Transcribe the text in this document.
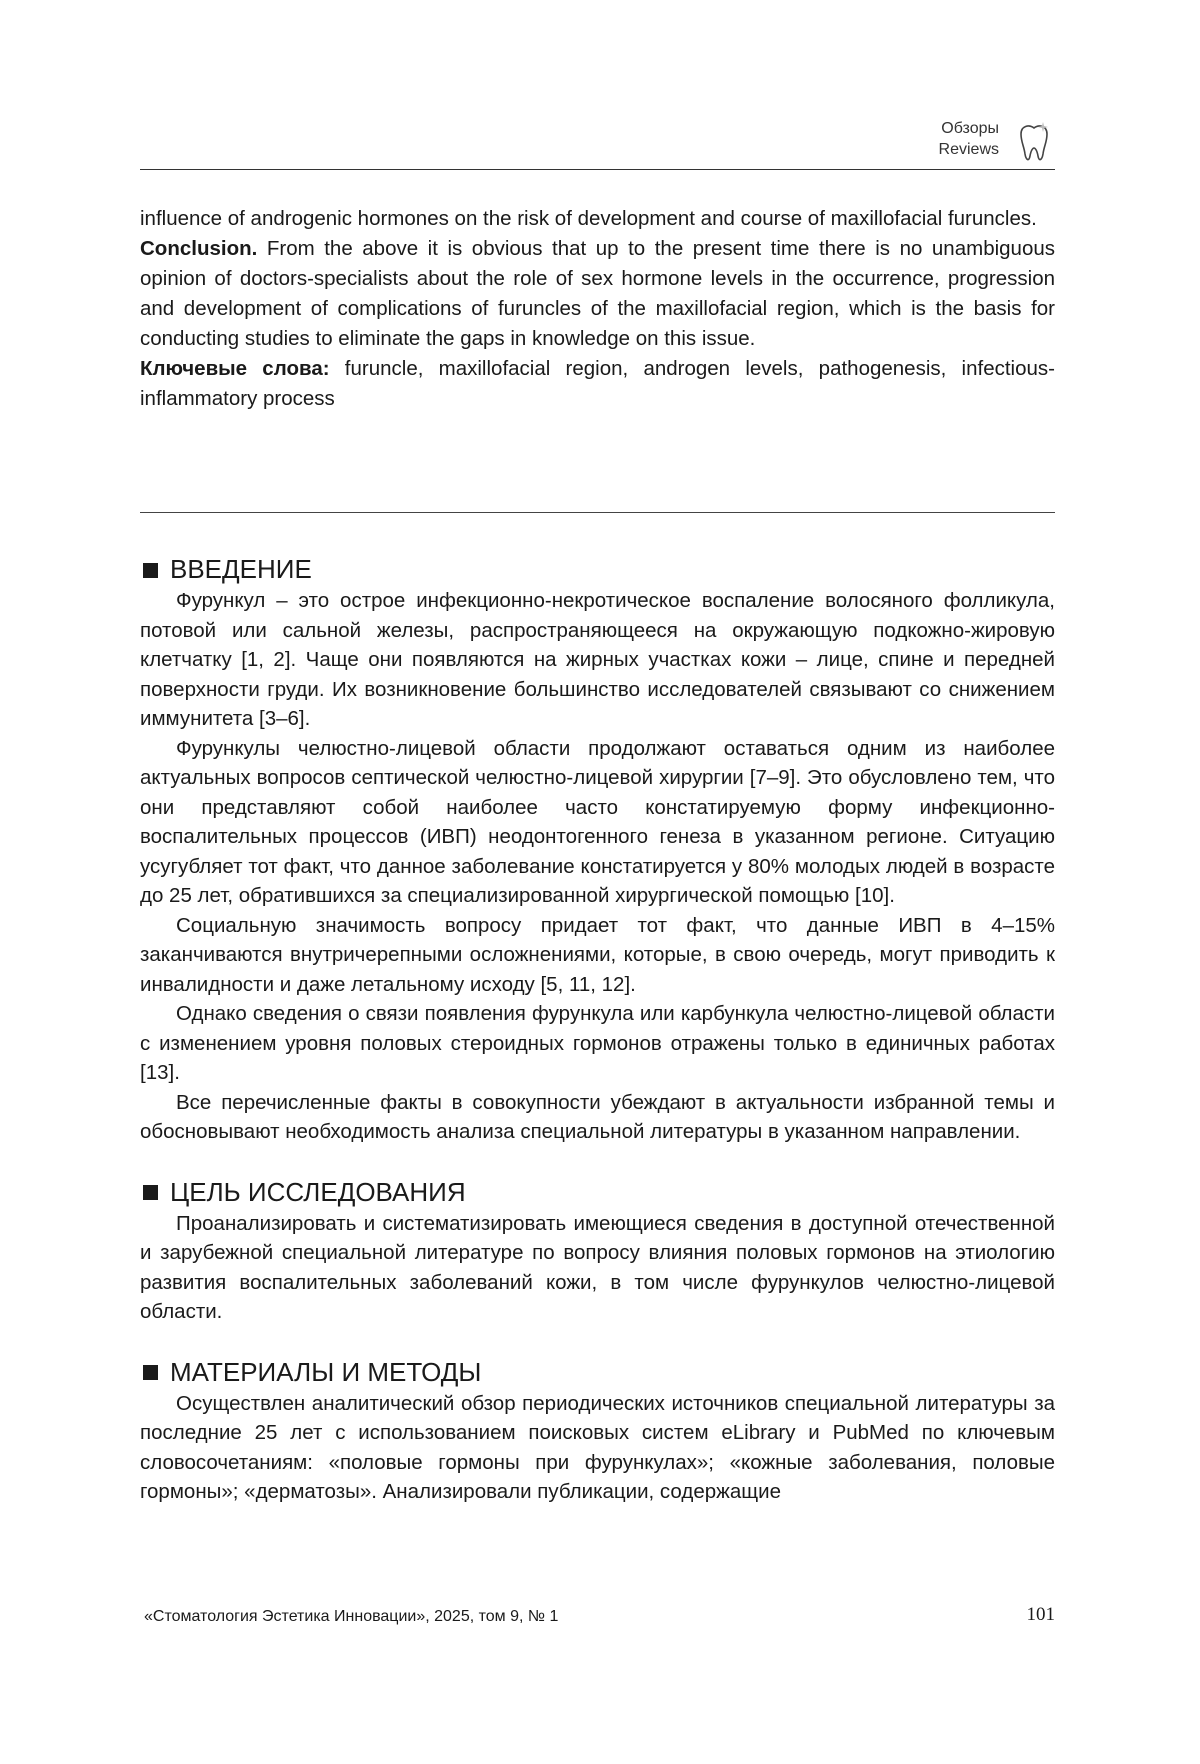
Обзоры
Reviews

influence of androgenic hormones on the risk of development and course of maxillofacial furuncles.

Conclusion. From the above it is obvious that up to the present time there is no unambiguous opinion of doctors-specialists about the role of sex hormone levels in the occurrence, progression and development of complications of furuncles of the maxillofacial region, which is the basis for conducting studies to eliminate the gaps in knowledge on this issue.

Ключевые слова: furuncle, maxillofacial region, androgen levels, pathogenesis, infectious-inflammatory process

ВВЕДЕНИЕ

Фурункул – это острое инфекционно-некротическое воспаление волосяного фолликула, потовой или сальной железы, распространяющееся на окружающую подкожно-жировую клетчатку [1, 2]. Чаще они появляются на жирных участках кожи – лице, спине и передней поверхности груди. Их возникновение большинство исследователей связывают со снижением иммунитета [3–6].

Фурункулы челюстно-лицевой области продолжают оставаться одним из наиболее актуальных вопросов септической челюстно-лицевой хирургии [7–9]. Это обусловлено тем, что они представляют собой наиболее часто констатируемую форму инфекционно-воспалительных процессов (ИВП) неодонтогенного генеза в указанном регионе. Ситуацию усугубляет тот факт, что данное заболевание констатируется у 80% молодых людей в возрасте до 25 лет, обратившихся за специализированной хирургической помощью [10].

Социальную значимость вопросу придает тот факт, что данные ИВП в 4–15% заканчиваются внутричерепными осложнениями, которые, в свою очередь, могут приводить к инвалидности и даже летальному исходу [5, 11, 12].

Однако сведения о связи появления фурункула или карбункула челюстно-лицевой области с изменением уровня половых стероидных гормонов отражены только в единичных работах [13].

Все перечисленные факты в совокупности убеждают в актуальности избранной темы и обосновывают необходимость анализа специальной литературы в указанном направлении.

ЦЕЛЬ ИССЛЕДОВАНИЯ

Проанализировать и систематизировать имеющиеся сведения в доступной отечественной и зарубежной специальной литературе по вопросу влияния половых гормонов на этиологию развития воспалительных заболеваний кожи, в том числе фурункулов челюстно-лицевой области.

МАТЕРИАЛЫ И МЕТОДЫ

Осуществлен аналитический обзор периодических источников специальной литературы за последние 25 лет с использованием поисковых систем eLibrary и PubMed по ключевым словосочетаниям: «половые гормоны при фурункулах»; «кожные заболевания, половые гормоны»; «дерматозы». Анализировали публикации, содержащие

«Стоматология Эстетика Инновации», 2025, том 9, № 1	101
